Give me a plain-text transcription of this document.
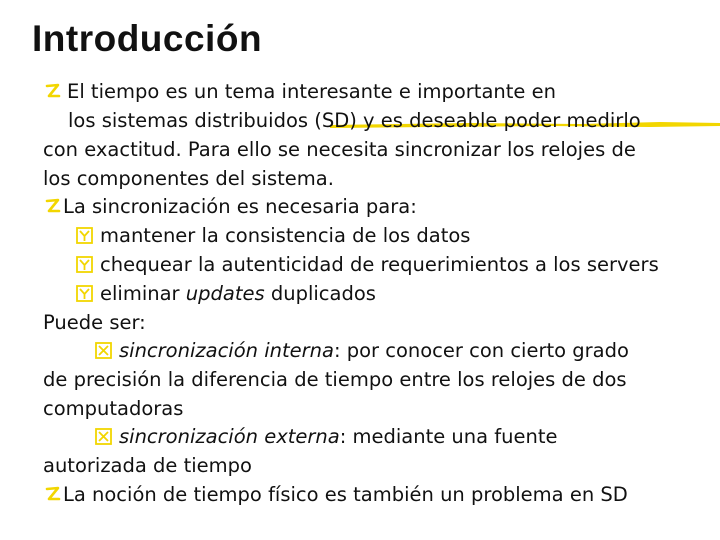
Introducción
El tiempo es un tema interesante e importante en
los sistemas distribuidos (SD) y es deseable poder medirlo
con exactitud. Para ello se necesita sincronizar los relojes de
los componentes del sistema.
La sincronización es necesaria para:
mantener la consistencia de los datos
chequear la autenticidad de requerimientos a los servers
eliminar updates duplicados
Puede ser:
sincronización interna: por conocer con cierto grado
de precisión la diferencia de tiempo entre los relojes de dos
computadoras
sincronización externa: mediante una fuente
autorizada de tiempo
La noción de tiempo físico es también un problema en SD
